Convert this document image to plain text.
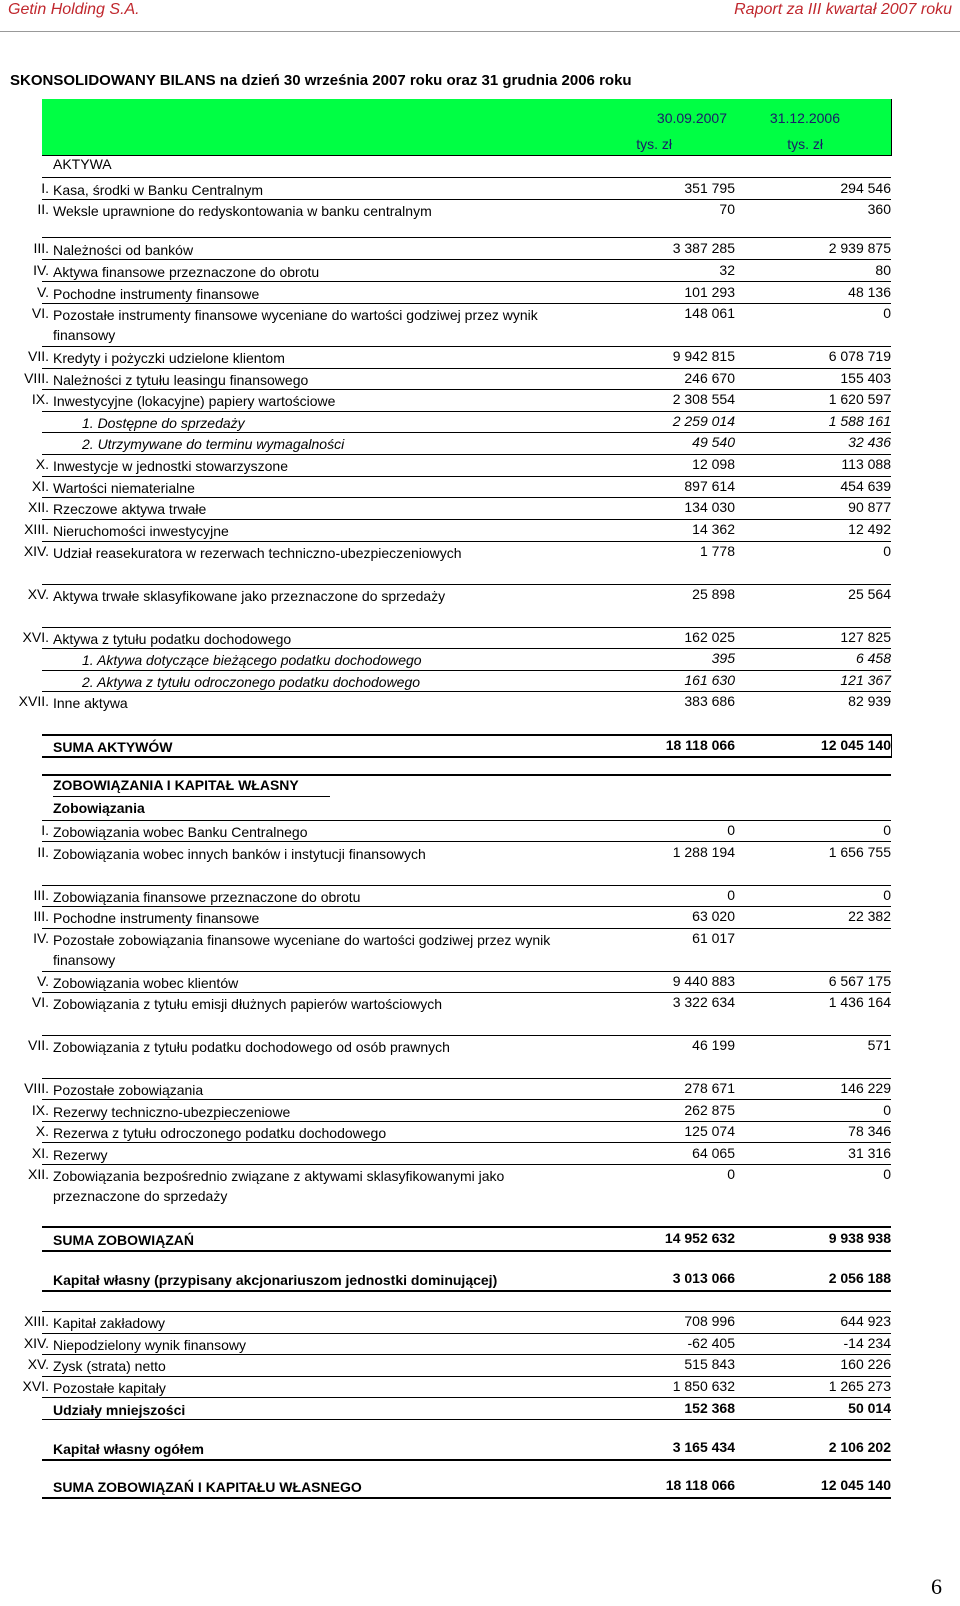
Getin Holding S.A.	Raport za III kwartał 2007 roku
SKONSOLIDOWANY BILANS na dzień 30 września 2007 roku oraz 31 grudnia 2006 roku
30.09.2007	31.12.2006
tys. zł	tys. zł
AKTYWA
I. Kasa, środki w Banku Centralnym	351 795	294 546
II. Weksle uprawnione do redyskontowania w banku centralnym	70	360
III. Należności od banków	3 387 285	2 939 875
IV. Aktywa finansowe przeznaczone do obrotu	32	80
V. Pochodne instrumenty finansowe	101 293	48 136
VI. Pozostałe instrumenty finansowe wyceniane do wartości godziwej przez wynik finansowy
148 061	0
VII. Kredyty i pożyczki udzielone klientom	9 942 815	6 078 719
VIII. Należności z tytułu leasingu finansowego	246 670	155 403
IX. Inwestycyjne (lokacyjne) papiery wartościowe	2 308 554	1 620 597
1. Dostępne do sprzedaży	2 259 014	1 588 161
2. Utrzymywane do terminu wymagalności	49 540	32 436
X. Inwestycje w jednostki stowarzyszone	12 098	113 088
XI. Wartości niematerialne	897 614	454 639
XII. Rzeczowe aktywa trwałe	134 030	90 877
XIII. Nieruchomości inwestycyjne	14 362	12 492
XIV. Udział reasekuratora w rezerwach techniczno-ubezpieczeniowych	1 778	0
XV. Aktywa trwałe sklasyfikowane jako przeznaczone do sprzedaży	25 898	25 564
XVI. Aktywa z tytułu podatku dochodowego	162 025	127 825
1. Aktywa dotyczące bieżącego podatku dochodowego	395	6 458
2. Aktywa z tytułu odroczonego podatku dochodowego	161 630	121 367
XVII. Inne aktywa	383 686	82 939
SUMA AKTYWÓW	18 118 066	12 045 140
ZOBOWIĄZANIA I KAPITAŁ WŁASNY
Zobowiązania
I. Zobowiązania wobec Banku Centralnego	0	0
II. Zobowiązania wobec innych banków i instytucji finansowych	1 288 194	1 656 755
III. Zobowiązania finansowe przeznaczone do obrotu	0	0
III. Pochodne instrumenty finansowe	63 020	22 382
IV. Pozostałe zobowiązania finansowe wyceniane do wartości godziwej przez wynik finansowy
61 017
V. Zobowiązania wobec klientów	9 440 883	6 567 175
VI. Zobowiązania z tytułu emisji dłużnych papierów wartościowych	3 322 634	1 436 164
VII. Zobowiązania z tytułu podatku dochodowego od osób prawnych	46 199	571
VIII. Pozostałe zobowiązania	278 671	146 229
IX. Rezerwy techniczno-ubezpieczeniowe	262 875	0
X. Rezerwa z tytułu odroczonego podatku dochodowego	125 074	78 346
XI. Rezerwy	64 065	31 316
XII. Zobowiązania bezpośrednio związane z aktywami sklasyfikowanymi jako przeznaczone do sprzedaży
0	0
SUMA ZOBOWIĄZAŃ	14 952 632	9 938 938
Kapitał własny (przypisany akcjonariuszom jednostki dominującej)	3 013 066	2 056 188
XIII. Kapitał zakładowy	708 996	644 923
XIV. Niepodzielony wynik finansowy	-62 405	-14 234
XV. Zysk (strata) netto	515 843	160 226
XVI. Pozostałe kapitały	1 850 632	1 265 273
Udziały mniejszości	152 368	50 014
Kapitał własny ogółem	3 165 434	2 106 202
SUMA ZOBOWIĄZAŃ I KAPITAŁU WŁASNEGO	18 118 066	12 045 140
6
